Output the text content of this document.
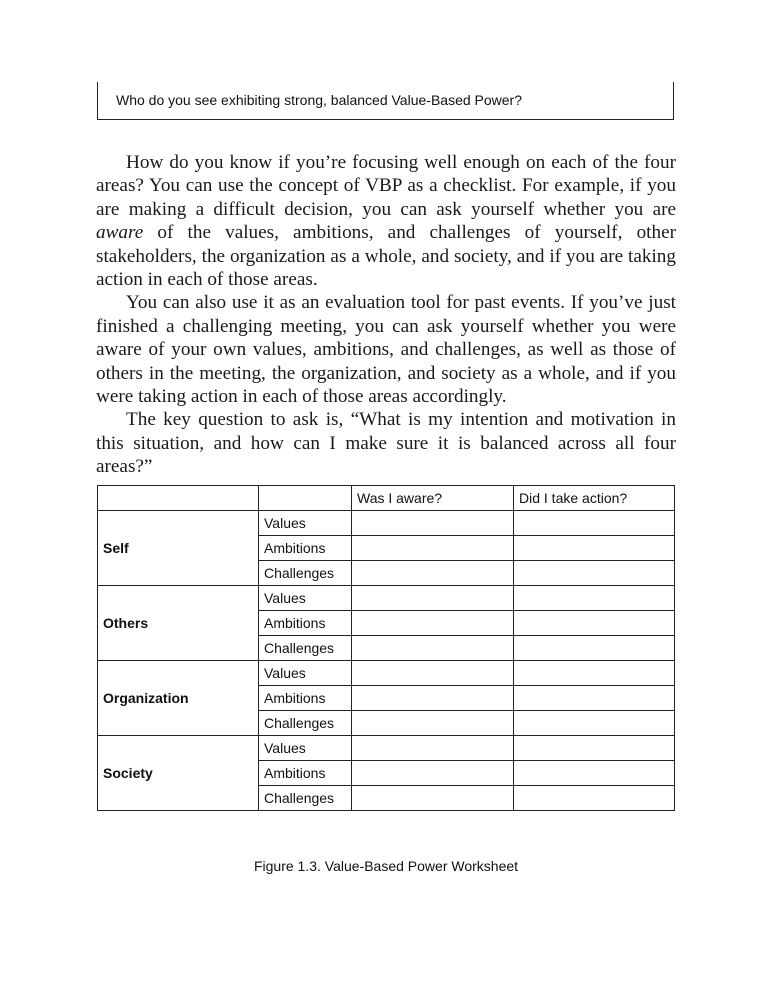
Who do you see exhibiting strong, balanced Value-Based Power?

How do you know if you’re focusing well enough on each of the four areas? You can use the concept of VBP as a checklist. For example, if you are making a difficult decision, you can ask yourself whether you are aware of the values, ambitions, and challenges of yourself, other stakeholders, the organization as a whole, and society, and if you are taking action in each of those areas.

You can also use it as an evaluation tool for past events. If you’ve just finished a challenging meeting, you can ask yourself whether you were aware of your own values, ambitions, and challenges, as well as those of others in the meeting, the organization, and society as a whole, and if you were taking action in each of those areas accordingly.

The key question to ask is, “What is my intention and motivation in this situation, and how can I make sure it is balanced across all four areas?”

		Was I aware?	Did I take action?
Self	Values		
	Ambitions		
	Challenges		
Others	Values		
	Ambitions		
	Challenges		
Organization	Values		
	Ambitions		
	Challenges		
Society	Values		
	Ambitions		
	Challenges		
Figure 1.3. Value-Based Power Worksheet
